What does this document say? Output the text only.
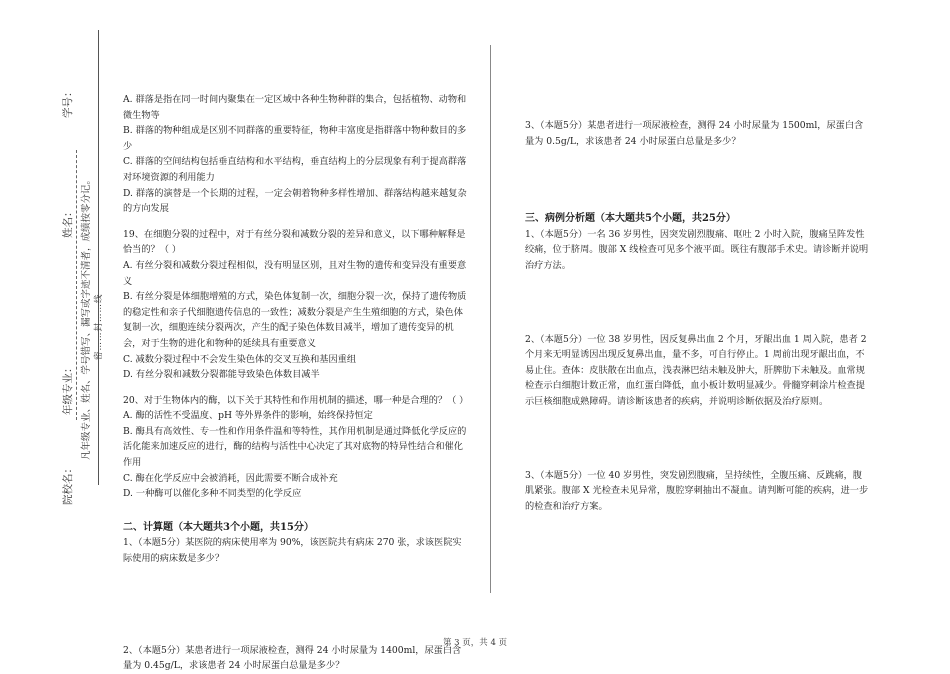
学号：
姓名：
年级专业：
院校名：
凡年级专业、姓名、学号错写、漏写或字迹不清者，成绩按零分记。 密……封……线

A. 群落是指在同一时间内聚集在一定区域中各种生物种群的集合，包括植物、动物和微生物等

B. 群落的物种组成是区别不同群落的重要特征，物种丰富度是指群落中物种数目的多少

C. 群落的空间结构包括垂直结构和水平结构，垂直结构上的分层现象有利于提高群落对环境资源的利用能力

D. 群落的演替是一个长期的过程，一定会朝着物种多样性增加、群落结构越来越复杂的方向发展

19、在细胞分裂的过程中，对于有丝分裂和减数分裂的差异和意义，以下哪种解释是恰当的？（ ）

A. 有丝分裂和减数分裂过程相似，没有明显区别，且对生物的遗传和变异没有重要意义

B. 有丝分裂是体细胞增殖的方式，染色体复制一次，细胞分裂一次，保持了遗传物质的稳定性和亲子代细胞遗传信息的一致性；减数分裂是产生生殖细胞的方式，染色体复制一次，细胞连续分裂两次，产生的配子染色体数目减半，增加了遗传变异的机会，对于生物的进化和物种的延续具有重要意义

C. 减数分裂过程中不会发生染色体的交叉互换和基因重组

D. 有丝分裂和减数分裂都能导致染色体数目减半

20、对于生物体内的酶，以下关于其特性和作用机制的描述，哪一种是合理的？（ ）

A. 酶的活性不受温度、pH 等外界条件的影响，始终保持恒定

B. 酶具有高效性、专一性和作用条件温和等特性，其作用机制是通过降低化学反应的活化能来加速反应的进行，酶的结构与活性中心决定了其对底物的特异性结合和催化作用

C. 酶在化学反应中会被消耗，因此需要不断合成补充

D. 一种酶可以催化多种不同类型的化学反应

二、计算题（本大题共3个小题，共15分）

1、（本题5分）某医院的病床使用率为 90%，该医院共有病床 270 张，求该医院实际使用的病床数是多少？

2、（本题5分）某患者进行一项尿液检查，测得 24 小时尿量为 1400ml，尿蛋白含量为 0.45g/L，求该患者 24 小时尿蛋白总量是多少？

3、（本题5分）某患者进行一项尿液检查，测得 24 小时尿量为 1500ml，尿蛋白含量为 0.5g/L，求该患者 24 小时尿蛋白总量是多少？

三、病例分析题（本大题共5个小题，共25分）

1、（本题5分）一名 36 岁男性，因突发剧烈腹痛、呕吐 2 小时入院，腹痛呈阵发性绞痛，位于脐周。腹部 X 线检查可见多个液平面。既往有腹部手术史。请诊断并说明治疗方法。

2、（本题5分）一位 38 岁男性，因反复鼻出血 2 个月，牙龈出血 1 周入院，患者 2 个月来无明显诱因出现反复鼻出血，量不多，可自行停止。1 周前出现牙龈出血，不易止住。查体：皮肤散在出血点，浅表淋巴结未触及肿大，肝脾肋下未触及。血常规检查示白细胞计数正常，血红蛋白降低，血小板计数明显减少。骨髓穿刺涂片检查提示巨核细胞成熟障碍。请诊断该患者的疾病，并说明诊断依据及治疗原则。

3、（本题5分）一位 40 岁男性，突发剧烈腹痛，呈持续性，全腹压痛、反跳痛，腹肌紧张。腹部 X 光检查未见异常，腹腔穿刺抽出不凝血。请判断可能的疾病，进一步的检查和治疗方案。

第 3 页，共 4 页
